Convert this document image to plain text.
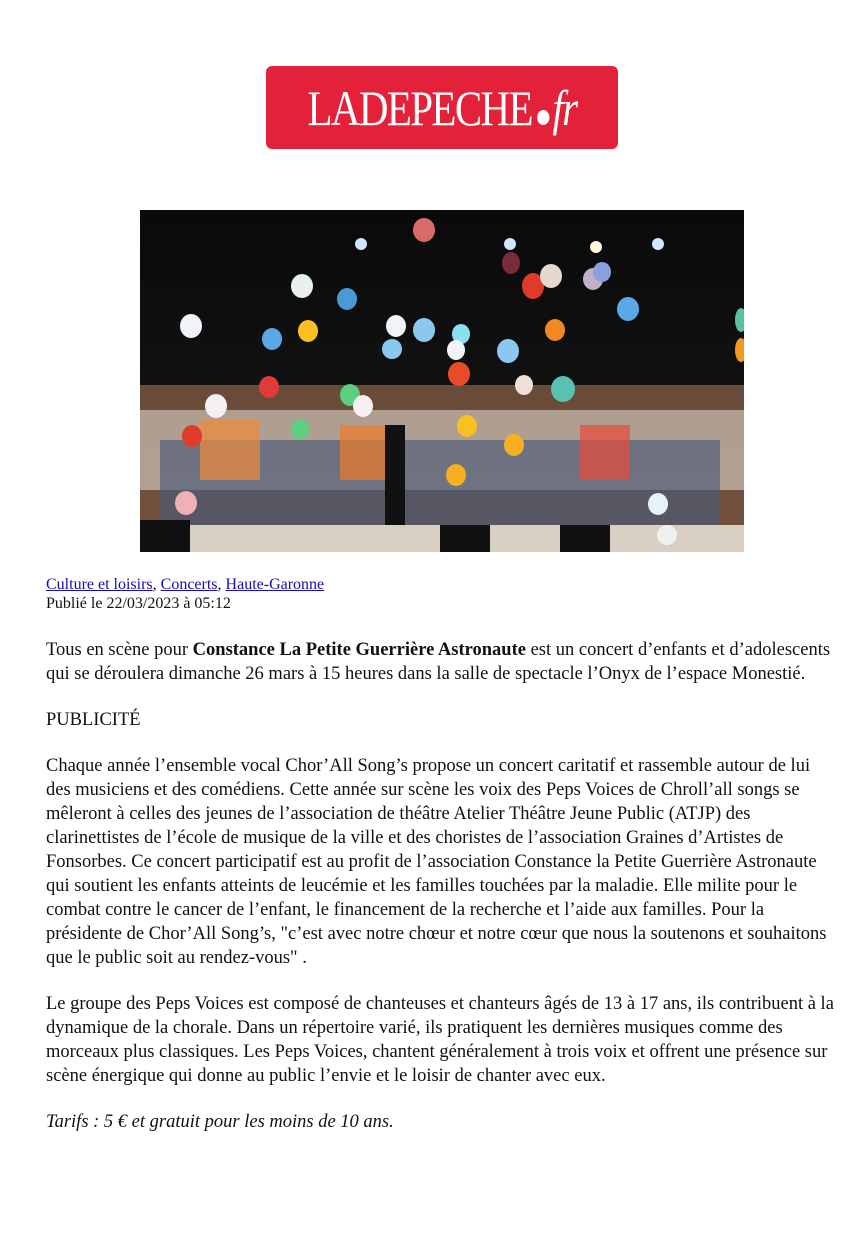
LADEPECHE fr
Culture et loisirs, Concerts, Haute-Garonne
Publié le 22/03/2023 à 05:12

Tous en scène pour Constance La Petite Guerrière Astronaute est un concert d’enfants et d’adolescents qui se déroulera dimanche 26 mars à 15 heures dans la salle de spectacle l’Onyx de l’espace Monestié.

PUBLICITÉ

Chaque année l’ensemble vocal Chor’All Song’s propose un concert caritatif et rassemble autour de lui des musiciens et des comédiens. Cette année sur scène les voix des Peps Voices de Chroll’all songs se mêleront à celles des jeunes de l’association de théâtre Atelier Théâtre Jeune Public (ATJP) des clarinettistes de l’école de musique de la ville et des choristes de l’association Graines d’Artistes de Fonsorbes. Ce concert participatif est au profit de l’association Constance la Petite Guerrière Astronaute qui soutient les enfants atteints de leucémie et les familles touchées par la maladie. Elle milite pour le combat contre le cancer de l’enfant, le financement de la recherche et l’aide aux familles. Pour la présidente de Chor’All Song’s, "c’est avec notre chœur et notre cœur que nous la soutenons et souhaitons que le public soit au rendez-vous" .

Le groupe des Peps Voices est composé de chanteuses et chanteurs âgés de 13 à 17 ans, ils contribuent à la dynamique de la chorale. Dans un répertoire varié, ils pratiquent les dernières musiques comme des morceaux plus classiques. Les Peps Voices, chantent généralement à trois voix et offrent une présence sur scène énergique qui donne au public l’envie et le loisir de chanter avec eux.

Tarifs : 5 € et gratuit pour les moins de 10 ans.
